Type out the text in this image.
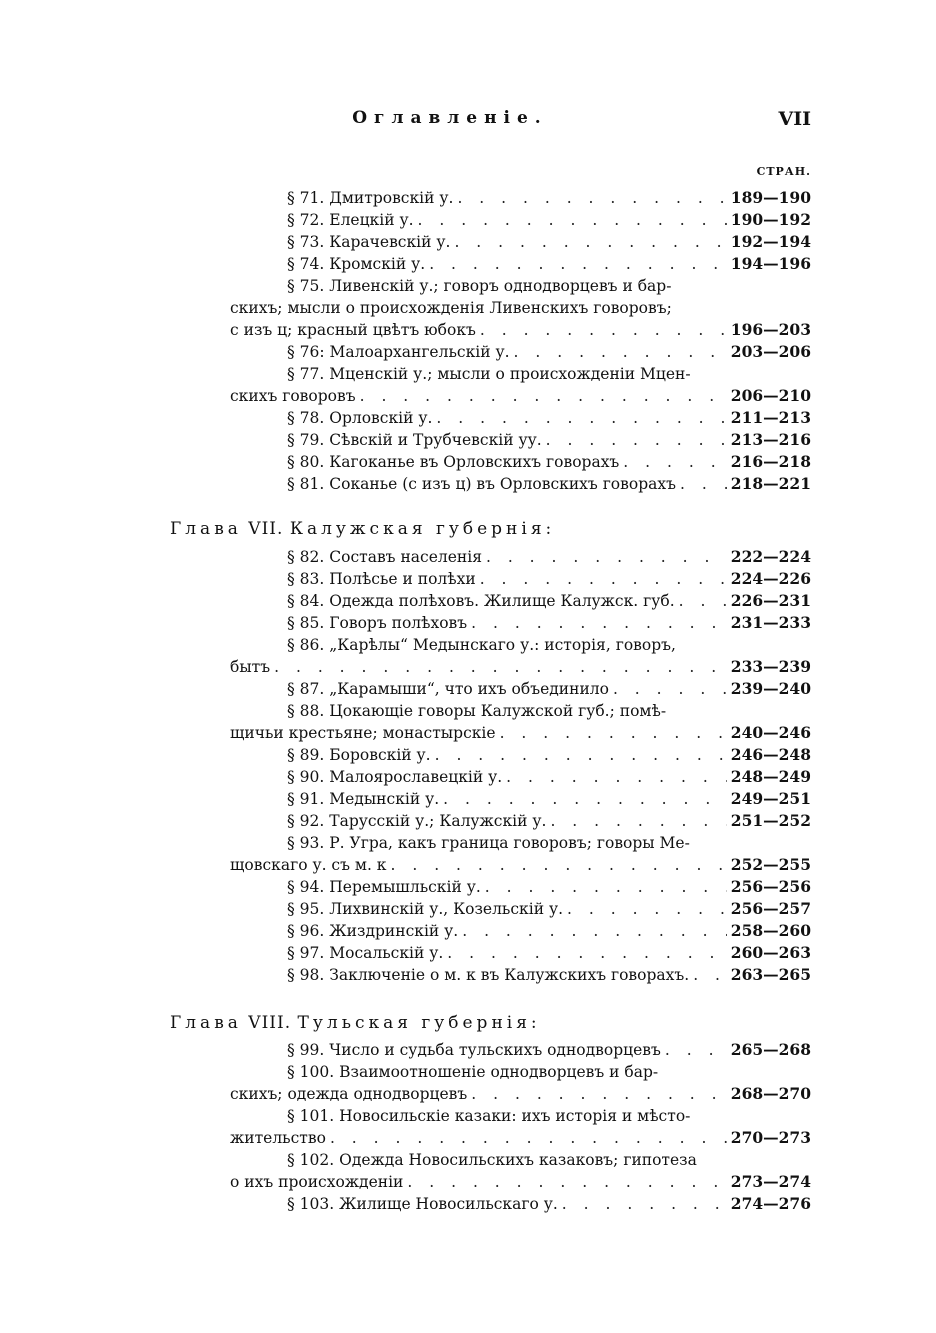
Оглавленіе.	VII
СТРАН.
§ 71. Дмитровскій у. . . .	189—190
§ 72. Елецкій у. . . .	190—192
§ 73. Карачевскій у. . . .	192—194
§ 74. Кромскій у. . . .	194—196
§ 75. Ливенскій у.; говоръ однодворцевъ и бар-
скихъ; мысли о происхожденія Ливенскихъ говоровъ;
с изъ ц; красный цвѣтъ юбокъ . . .	196—203
§ 76: Малоархангельскій у. . . .	203—206
§ 77. Мценскій у.; мысли о происхожденіи Мцен-
скихъ говоровъ . . .	206—210
§ 78. Орловскій у. . . .	211—213
§ 79. Сѣвскій и Трубчевскій уу. . . .	213—216
§ 80. Кагоканье въ Орловскихъ говорахъ . . .	216—218
§ 81. Соканье (с изъ ц) въ Орловскихъ говорахъ . . .	218—221
Глава VII. Калужская губернія:
§ 82. Составъ населенія . . .	222—224
§ 83. Полѣсье и полѣхи . . .	224—226
§ 84. Одежда полѣховъ. Жилище Калужск. губ. . . .	226—231
§ 85. Говоръ полѣховъ . . .	231—233
§ 86. „Карѣлы“ Медынскаго у.: исторія, говоръ,
бытъ . . .	233—239
§ 87. „Карамыши“, что ихъ объединило . . .	239—240
§ 88. Цокающіе говоры Калужской губ.; помѣ-
щичьи крестьяне; монастырскіе . . .	240—246
§ 89. Боровскій у. . . .	246—248
§ 90. Малоярославецкій у. . . .	248—249
§ 91. Медынскій у. . . .	249—251
§ 92. Тарусскій у.; Калужскій у. . . .	251—252
§ 93. Р. Угра, какъ граница говоровъ; говоры Ме-
щовскаго у. съ м. к . . .	252—255
§ 94. Перемышльскій у. . . .	256—256
§ 95. Лихвинскій у., Козельскій у. . . .	256—257
§ 96. Жиздринскій у. . . .	258—260
§ 97. Мосальскій у. . . .	260—263
§ 98. Заключеніе о м. к въ Калужскихъ говорахъ. . . .	263—265
Глава VIII. Тульская губернія:
§ 99. Число и судьба тульскихъ однодворцевъ . . .	265—268
§ 100. Взаимоотношеніе однодворцевъ и бар-
скихъ; одежда однодворцевъ . . .	268—270
§ 101. Новосильскіе казаки: ихъ исторія и мѣсто-
жительство . . .	270—273
§ 102. Одежда Новосильскихъ казаковъ; гипотеза
о ихъ происхожденіи . . .	273—274
§ 103. Жилище Новосильскаго у. . . .	274—276
